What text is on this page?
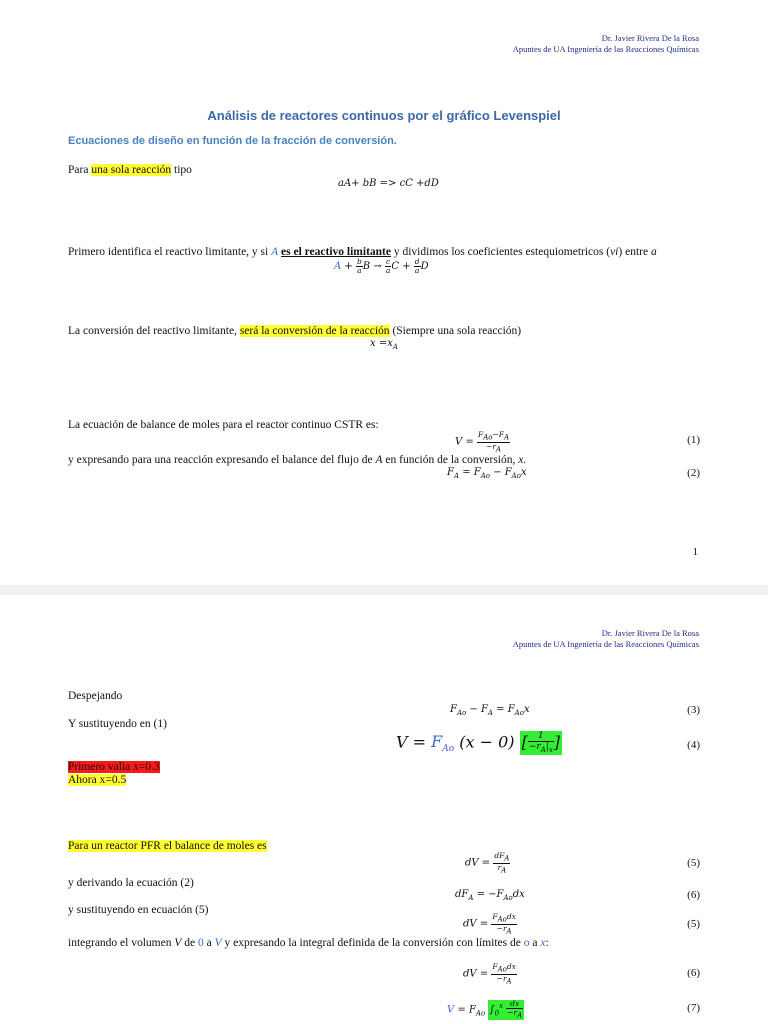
Dr. Javier Rivera De la Rosa
Apuntes de UA Ingeniería de las Reacciones Químicas
Análisis de reactores continuos por el gráfico Levenspiel
Ecuaciones de diseño en función de la fracción de conversión.
Para una sola reacción tipo
aA+ bB => cC +dD
Primero identifica el reactivo limitante, y si A es el reactivo limitante y dividimos los coeficientes estequiometricos (νi) entre a
$A + \frac{b}{a}$ $B \to \frac{c}{a}$ $C + \frac{d}{a}$ D
La conversión del reactivo limitante, será la conversión de la reacción (Siempre una sola reacción)
$x =x_A$
La ecuación de balance de moles para el reactor continuo CSTR es:
$V = \frac{F_{Ao}-F_A}{-r_A}$	(1)
y expresando para una reacción expresando el balance del flujo de A en función de la conversión, x.
$F_A = F_{Ao} - F_{Ao}x$	(2)
1
Dr. Javier Rivera De la Rosa
Apuntes de UA Ingeniería de las Reacciones Químicas
Despejando
$F_{Ao} - F_A = F_{Ao}x$	(3)
Y sustituyendo en (1)
$V = F_{Ao}$ (x − 0) [ $\frac{1}{-r_A|_x}$ ]	(4)
Primero valia x=0.3
Ahora x=0.5
Para un reactor PFR el balance de moles es
dV = $\frac{dF_A}{r_A}$	(5)
y derivando la ecuación (2)
$dF_A = -F_{Ao}dx$	(6)
y sustituyendo en ecuación (5)
dV = $\frac{F_{Ao}dx}{-r_A}$	(5)
integrando el volumen V de 0 a V y expresando la integral definida de la conversión con límites de o a x:
dV = $\frac{F_{Ao}dx}{-r_A}$	(6)
$V = F_{Ao}$ $\int_0^x \frac{dx}{-r_A}$	(7)
